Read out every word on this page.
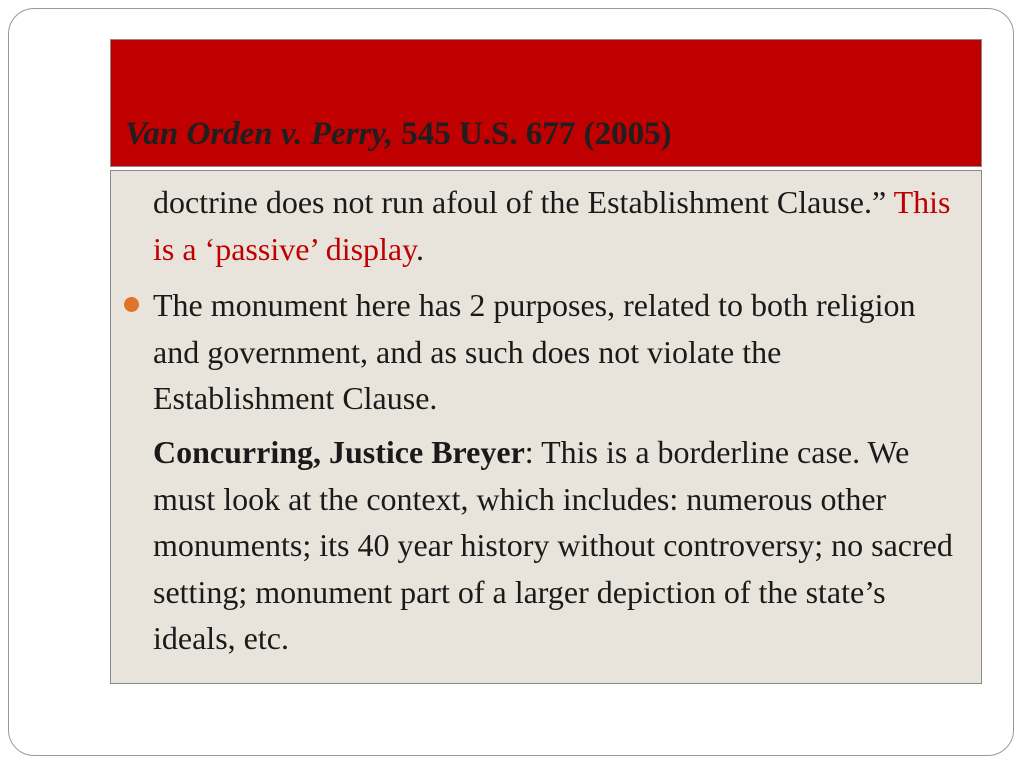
Van Orden v. Perry, 545 U.S. 677 (2005)

doctrine does not run afoul of the Establishment Clause.” This is a ‘passive’ display.

The monument here has 2 purposes, related to both religion and government, and as such does not violate the Establishment Clause.

Concurring, Justice Breyer: This is a borderline case. We must look at the context, which includes: numerous other monuments; its 40 year history without controversy; no sacred setting; monument part of a larger depiction of the state’s ideals, etc.
